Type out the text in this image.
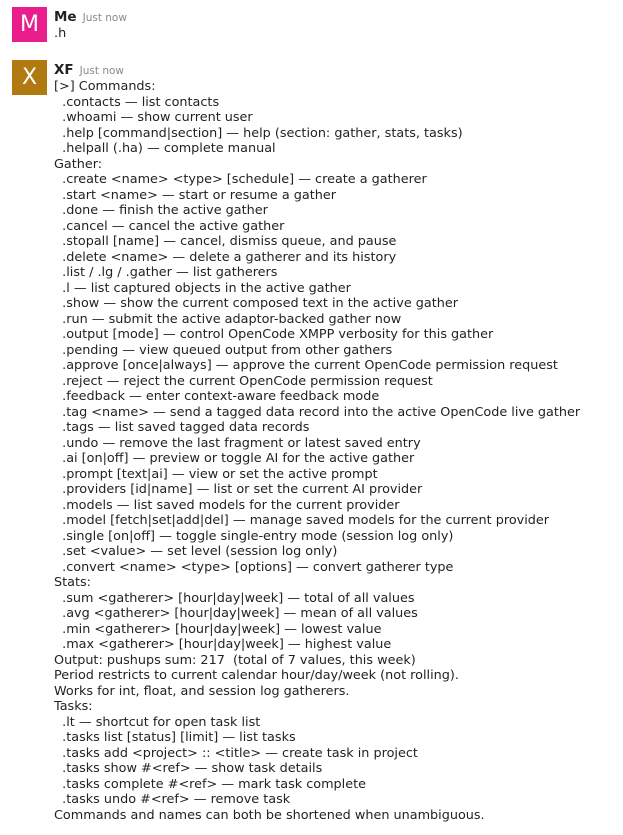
M	Me Just now
.h
X	XF Just now
[>] Commands:
.contacts — list contacts
.whoami — show current user
.help [command|section] — help (section: gather, stats, tasks)
.helpall (.ha) — complete manual
Gather:
.create <name> <type> [schedule] — create a gatherer
.start <name> — start or resume a gather
.done — finish the active gather
.cancel — cancel the active gather
.stopall [name] — cancel, dismiss queue, and pause
.delete <name> — delete a gatherer and its history
.list / .lg / .gather — list gatherers
.l — list captured objects in the active gather
.show — show the current composed text in the active gather
.run — submit the active adaptor-backed gather now
.output [mode] — control OpenCode XMPP verbosity for this gather
.pending — view queued output from other gathers
.approve [once|always] — approve the current OpenCode permission request
.reject — reject the current OpenCode permission request
.feedback — enter context-aware feedback mode
.tag <name> — send a tagged data record into the active OpenCode live gather
.tags — list saved tagged data records
.undo — remove the last fragment or latest saved entry
.ai [on|off] — preview or toggle AI for the active gather
.prompt [text|ai] — view or set the active prompt
.providers [id|name] — list or set the current AI provider
.models — list saved models for the current provider
.model [fetch|set|add|del] — manage saved models for the current provider
.single [on|off] — toggle single-entry mode (session log only)
.set <value> — set level (session log only)
.convert <name> <type> [options] — convert gatherer type
Stats:
.sum <gatherer> [hour|day|week] — total of all values
.avg <gatherer> [hour|day|week] — mean of all values
.min <gatherer> [hour|day|week] — lowest value
.max <gatherer> [hour|day|week] — highest value
Output: pushups sum: 217  (total of 7 values, this week)
Period restricts to current calendar hour/day/week (not rolling).
Works for int, float, and session log gatherers.
Tasks:
.lt — shortcut for open task list
.tasks list [status] [limit] — list tasks
.tasks add <project> :: <title> — create task in project
.tasks show #<ref> — show task details
.tasks complete #<ref> — mark task complete
.tasks undo #<ref> — remove task
Commands and names can both be shortened when unambiguous.
